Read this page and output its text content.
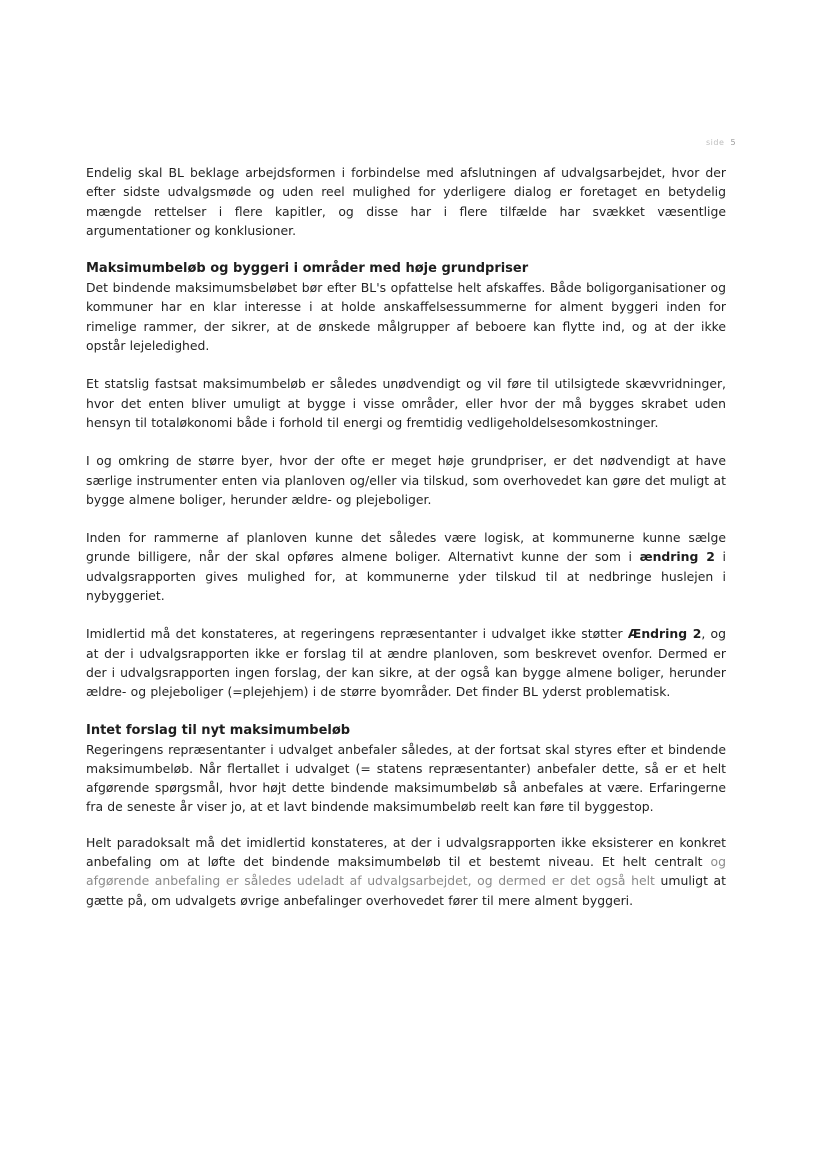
side 5

Endelig skal BL beklage arbejdsformen i forbindelse med afslutningen af udvalgsarbejdet, hvor der efter sidste udvalgsmøde og uden reel mulighed for yderligere dialog er foretaget en betydelig mængde rettelser i flere kapitler, og disse har i flere tilfælde har svækket væsentlige argumentationer og konklusioner.

Maksimumbeløb og byggeri i områder med høje grundpriser

Det bindende maksimumsbeløbet bør efter BL's opfattelse helt afskaffes. Både boligorganisationer og kommuner har en klar interesse i at holde anskaffelsessummerne for alment byggeri inden for rimelige rammer, der sikrer, at de ønskede målgrupper af beboere kan flytte ind, og at der ikke opstår lejeledighed.

Et statslig fastsat maksimumbeløb er således unødvendigt og vil føre til utilsigtede skævvridninger, hvor det enten bliver umuligt at bygge i visse områder, eller hvor der må bygges skrabet uden hensyn til totaløkonomi både i forhold til energi og fremtidig vedligeholdelsesomkostninger.

I og omkring de større byer, hvor der ofte er meget høje grundpriser, er det nødvendigt at have særlige instrumenter enten via planloven og/eller via tilskud, som overhovedet kan gøre det muligt at bygge almene boliger, herunder ældre- og plejeboliger.

Inden for rammerne af planloven kunne det således være logisk, at kommunerne kunne sælge grunde billigere, når der skal opføres almene boliger. Alternativt kunne der som i ændring 2 i udvalgsrapporten gives mulighed for, at kommunerne yder tilskud til at nedbringe huslejen i nybyggeriet.

Imidlertid må det konstateres, at regeringens repræsentanter i udvalget ikke støtter Ændring 2, og at der i udvalgsrapporten ikke er forslag til at ændre planloven, som beskrevet ovenfor. Dermed er der i udvalgsrapporten ingen forslag, der kan sikre, at der også kan bygge almene boliger, herunder ældre- og plejeboliger (=plejehjem) i de større byområder. Det finder BL yderst problematisk.

Intet forslag til nyt maksimumbeløb

Regeringens repræsentanter i udvalget anbefaler således, at der fortsat skal styres efter et bindende maksimumbeløb. Når flertallet i udvalget (= statens repræsentanter) anbefaler dette, så er et helt afgørende spørgsmål, hvor højt dette bindende maksimumbeløb så anbefales at være. Erfaringerne fra de seneste år viser jo, at et lavt bindende maksimumbeløb reelt kan føre til byggestop.

Helt paradoksalt må det imidlertid konstateres, at der i udvalgsrapporten ikke eksisterer en konkret anbefaling om at løfte det bindende maksimumbeløb til et bestemt niveau. Et helt centralt og afgørende anbefaling er således udeladt af udvalgsarbejdet, og dermed er det også helt umuligt at gætte på, om udvalgets øvrige anbefalinger overhovedet fører til mere alment byggeri.
